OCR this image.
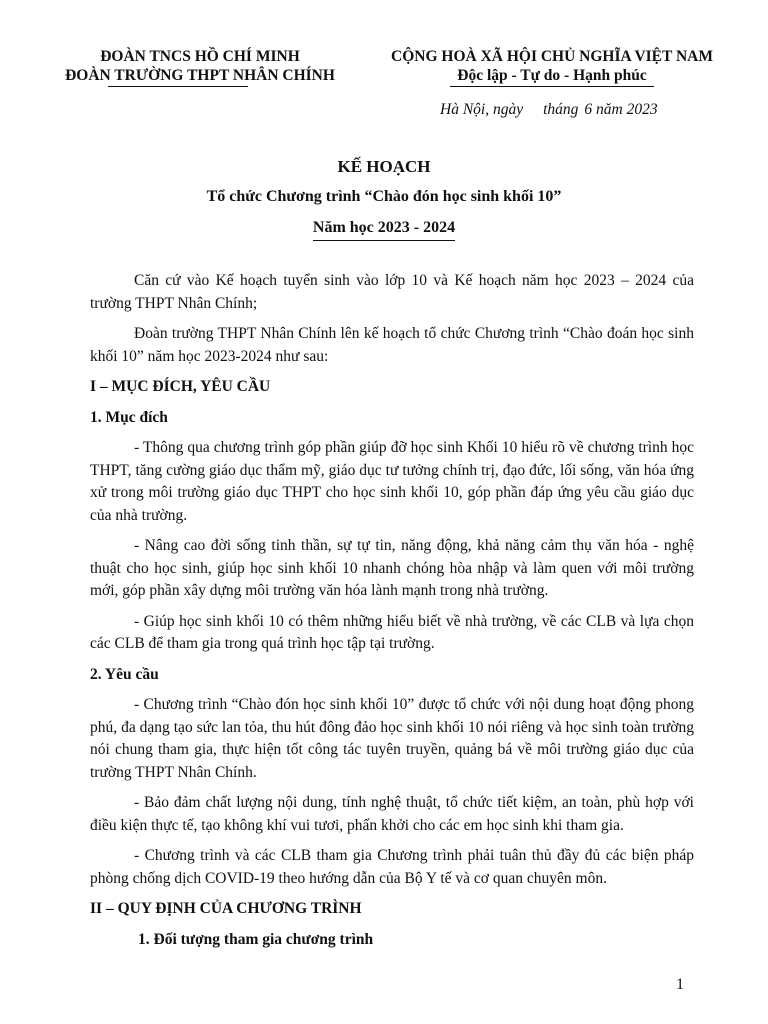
ĐOÀN TNCS HỒ CHÍ MINH
ĐOÀN TRƯỜNG THPT NHÂN CHÍNH
CỘNG HOÀ XÃ HỘI CHỦ NGHĨA VIỆT NAM
Độc lập - Tự do - Hạnh phúc
Hà Nội, ngày tháng 6 năm 2023
KẾ HOẠCH
Tổ chức Chương trình “Chào đón học sinh khối 10”
Năm học 2023 - 2024

Căn cứ vào Kế hoạch tuyển sinh vào lớp 10 và Kế hoạch năm học 2023 – 2024 của trường THPT Nhân Chính;

Đoàn trường THPT Nhân Chính lên kế hoạch tổ chức Chương trình “Chào đoán học sinh khối 10” năm học 2023-2024 như sau:

I – MỤC ĐÍCH, YÊU CẦU
1. Mục đích

- Thông qua chương trình góp phần giúp đỡ học sinh Khối 10 hiểu rõ về chương trình học THPT, tăng cường giáo dục thẩm mỹ, giáo dục tư tưởng chính trị, đạo đức, lối sống, văn hóa ứng xử trong môi trường giáo dục THPT cho học sinh khối 10, góp phần đáp ứng yêu cầu giáo dục của nhà trường.

- Nâng cao đời sống tinh thần, sự tự tin, năng động, khả năng cảm thụ văn hóa - nghệ thuật cho học sinh, giúp học sinh khối 10 nhanh chóng hòa nhập và làm quen với môi trường mới, góp phần xây dựng môi trường văn hóa lành mạnh trong nhà trường.

- Giúp học sinh khối 10 có thêm những hiểu biết về nhà trường, về các CLB và lựa chọn các CLB để tham gia trong quá trình học tập tại trường.

2. Yêu cầu

- Chương trình “Chào đón học sinh khối 10” được tổ chức với nội dung hoạt động phong phú, đa dạng tạo sức lan tỏa, thu hút đông đảo học sinh khối 10 nói riêng và học sinh toàn trường nói chung tham gia, thực hiện tốt công tác tuyên truyền, quảng bá về môi trường giáo dục của trường THPT Nhân Chính.

- Bảo đảm chất lượng nội dung, tính nghệ thuật, tổ chức tiết kiệm, an toàn, phù hợp với điều kiện thực tế, tạo không khí vui tươi, phấn khởi cho các em học sinh khi tham gia.

- Chương trình và các CLB tham gia Chương trình phải tuân thủ đầy đủ các biện pháp phòng chống dịch COVID-19 theo hướng dẫn của Bộ Y tế và cơ quan chuyên môn.

II – QUY ĐỊNH CỦA CHƯƠNG TRÌNH
1. Đối tượng tham gia chương trình
1
